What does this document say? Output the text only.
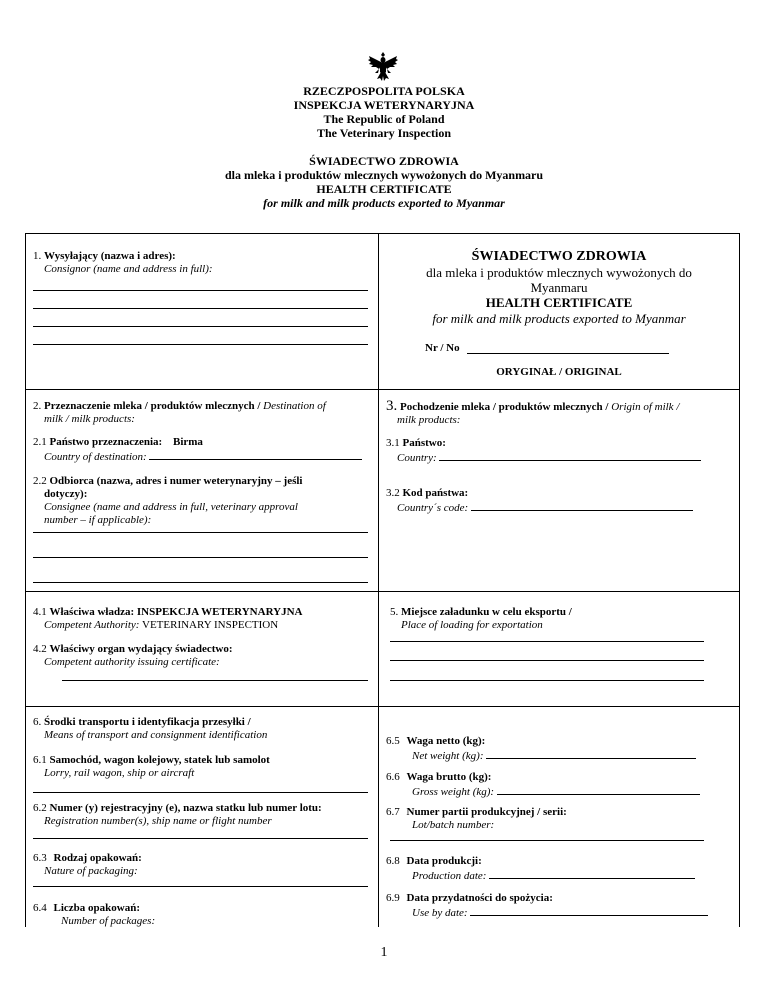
RZECZPOSPOLITA POLSKA
INSPEKCJA WETERYNARYJNA
The Republic of Poland
The Veterinary Inspection
ŚWIADECTWO ZDROWIA
dla mleka i produktów mlecznych wywożonych do Myanmaru
HEALTH CERTIFICATE
for milk and milk products exported to Myanmar
1. Wysyłający (nazwa i adres):
Consignor (name and address in full):
ŚWIADECTWO ZDROWIA
dla mleka i produktów mlecznych wywożonych do
Myanmaru
HEALTH CERTIFICATE
for milk and milk products exported to Myanmar
Nr / No
ORYGINAŁ / ORIGINAL
2. Przeznaczenie mleka / produktów mlecznych / Destination of
milk / milk products:
2.1 Państwo przeznaczenia: Birma
Country of destination:
2.2 Odbiorca (nazwa, adres i numer weterynaryjny – jeśli
dotyczy):
Consignee (name and address in full, veterinary approval
number – if applicable):
3. Pochodzenie mleka / produktów mlecznych / Origin of milk /
milk products:
3.1 Państwo:
Country:
3.2 Kod państwa:
Country´s code:
4.1 Właściwa władza: INSPEKCJA WETERYNARYJNA
Competent Authority: VETERINARY INSPECTION
4.2 Właściwy organ wydający świadectwo:
Competent authority issuing certificate:
5. Miejsce załadunku w celu eksportu /
Place of loading for exportation
6. Środki transportu i identyfikacja przesyłki /
Means of transport and consignment identification
6.1 Samochód, wagon kolejowy, statek lub samolot
Lorry, rail wagon, ship or aircraft
6.2 Numer (y) rejestracyjny (e), nazwa statku lub numer lotu:
Registration number(s), ship name or flight number
6.3 Rodzaj opakowań:
Nature of packaging:
6.4 Liczba opakowań:
Number of packages:
6.5 Waga netto (kg):
Net weight (kg):
6.6 Waga brutto (kg):
Gross weight (kg):
6.7 Numer partii produkcyjnej / serii:
Lot/batch number:
6.8 Data produkcji:
Production date:
6.9 Data przydatności do spożycia:
Use by date:
1
